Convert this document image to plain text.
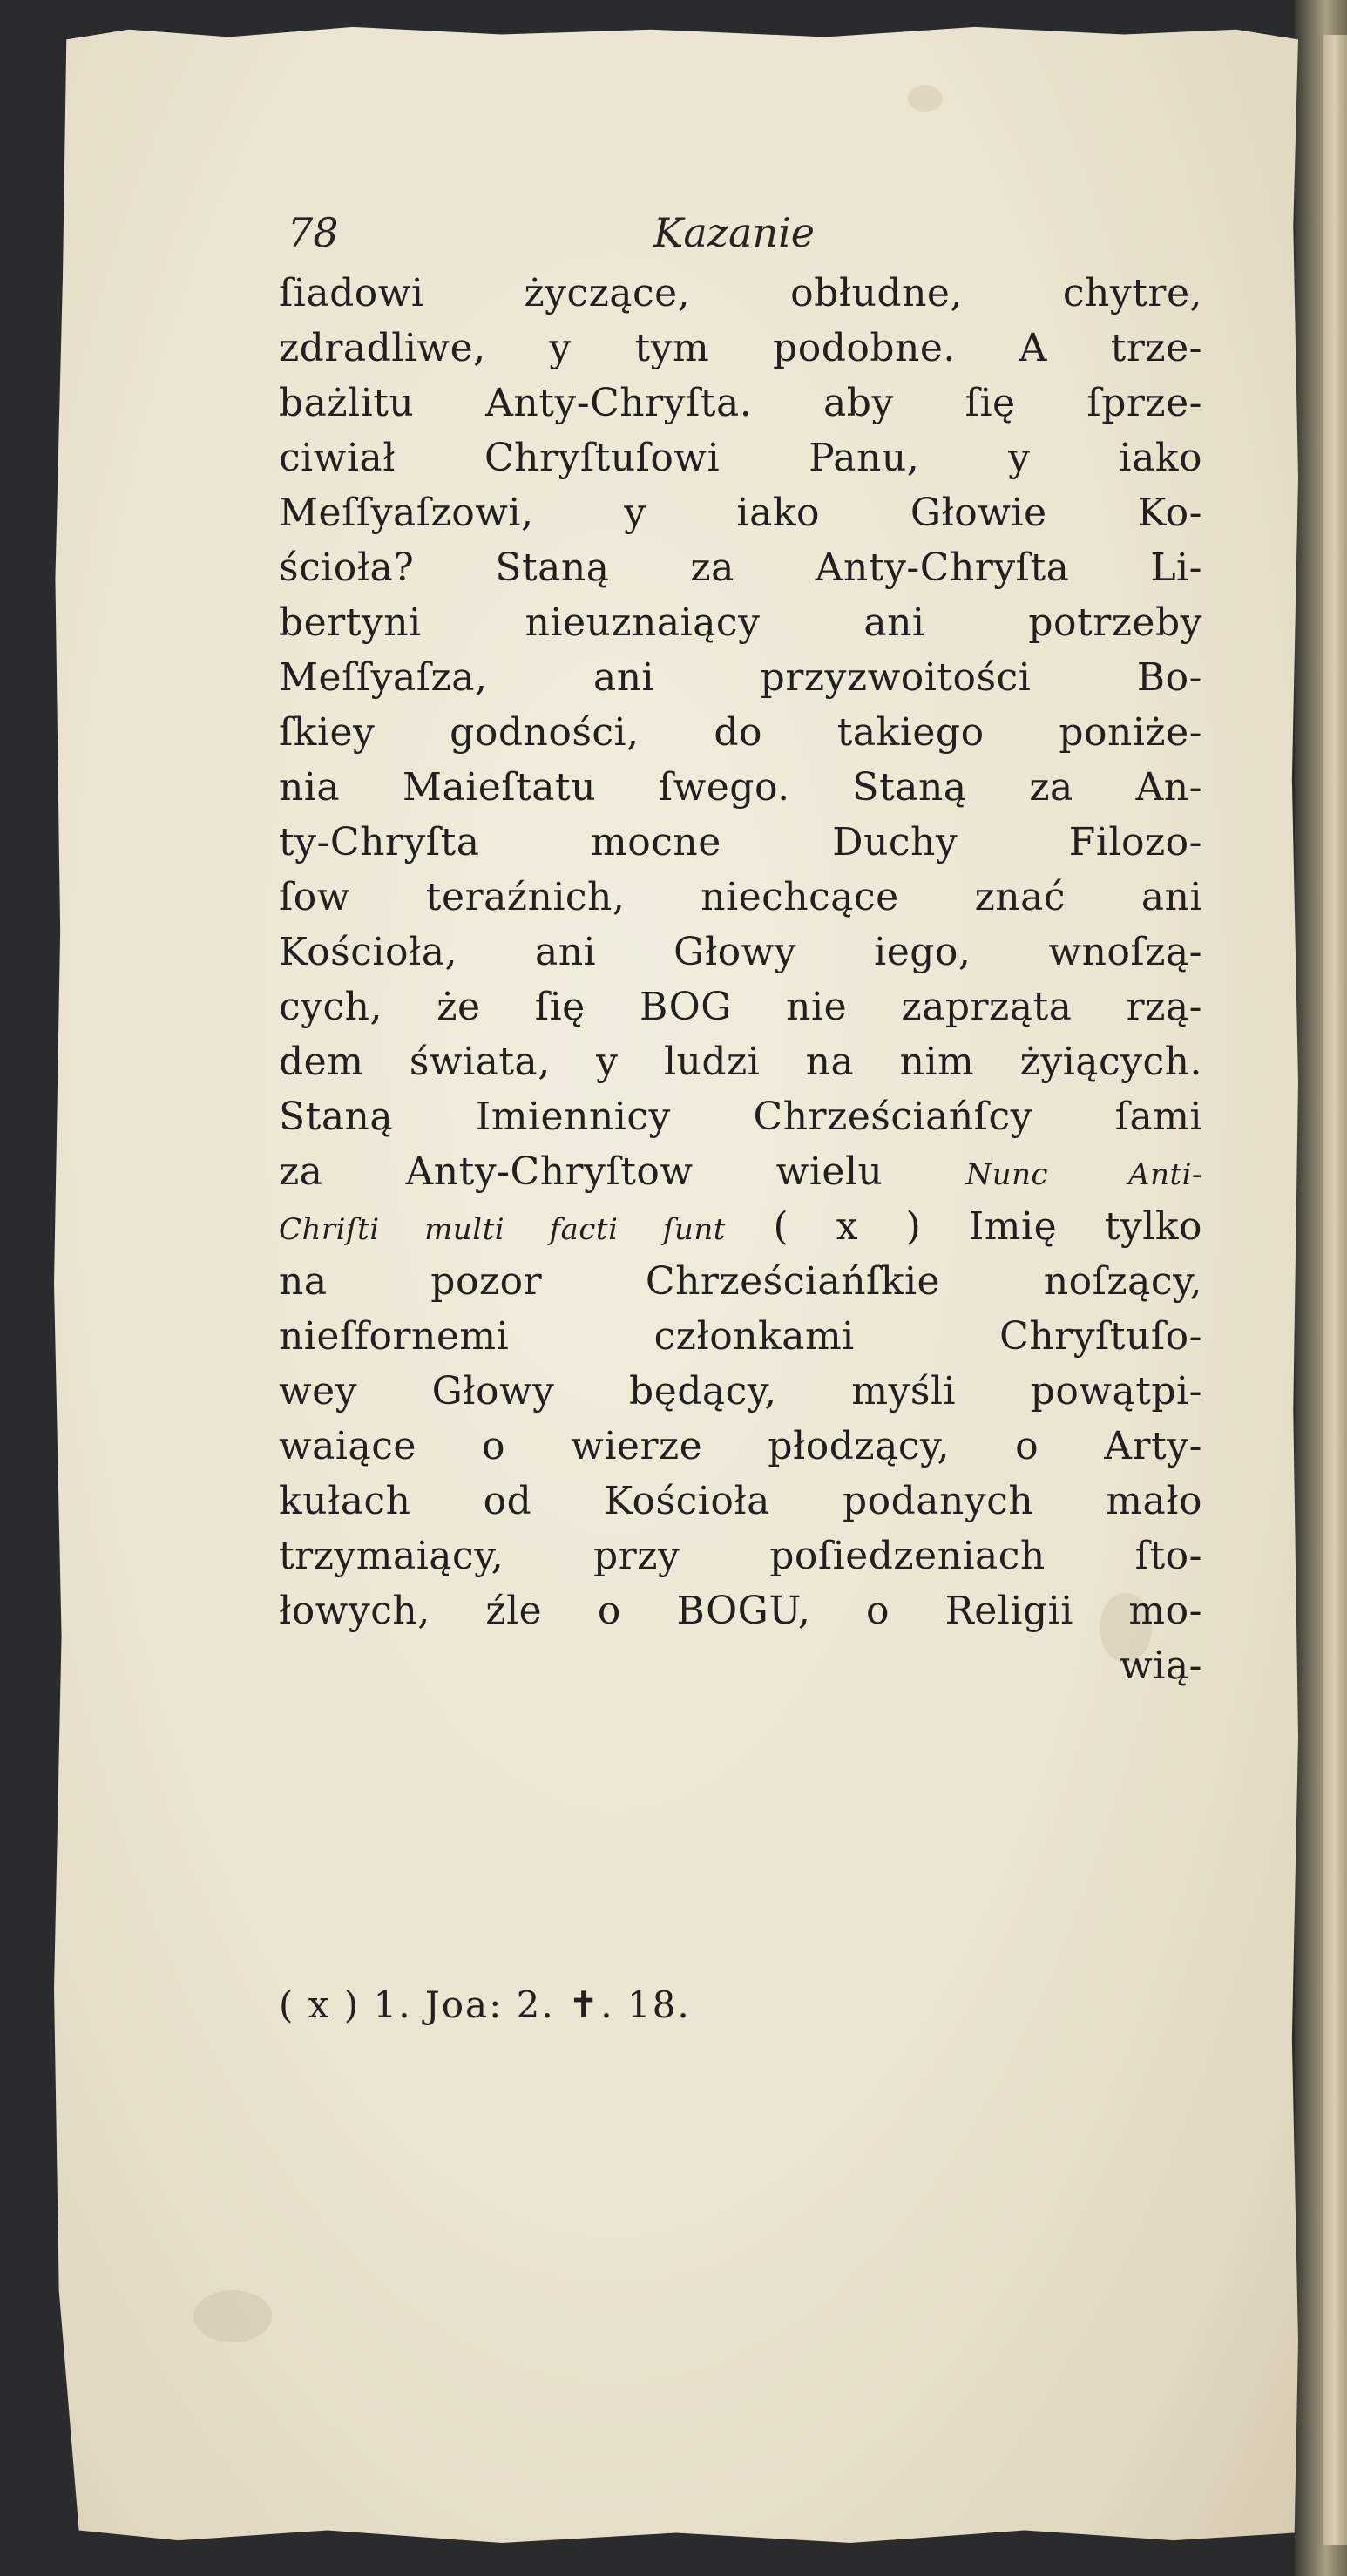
78	Kazanie
ſiadowi życzące, obłudne, chytre,
zdradliwe, y tym podobne. A trze-
bażlitu Anty-Chryſta. aby ſię ſprze-
ciwiał Chryſtuſowi Panu, y iako
Meſſyaſzowi, y iako Głowie Ko-
ścioła? Staną za Anty-Chryſta Li-
bertyni nieuznaiący ani potrzeby
Meſſyaſza, ani przyzwoitości Bo-
ſkiey godności, do takiego poniże-
nia Maieſtatu ſwego. Staną za An-
ty-Chryſta mocne Duchy Filozo-
ſow teraźnich, niechcące znać ani
Kościoła, ani Głowy iego, wnoſzą-
cych, że ſię BOG nie zaprząta rzą-
dem świata, y ludzi na nim żyiących.
Staną Imiennicy Chrześciańſcy ſami
za Anty-Chryſtow wielu	Nunc Anti-
Chriſti multi facti ſunt ( x ) Imię tylko
na pozor Chrześciańſkie noſzący,
nieſfornemi członkami Chryſtuſo-
wey Głowy będący, myśli powątpi-
waiące o wierze płodzący, o Arty-
kułach od Kościoła podanych mało
trzymaiący, przy poſiedzeniach ſto-
łowych, źle o BOGU, o Religii mo-
wią-
( x ) 1. Joa: 2. ✝. 18.
